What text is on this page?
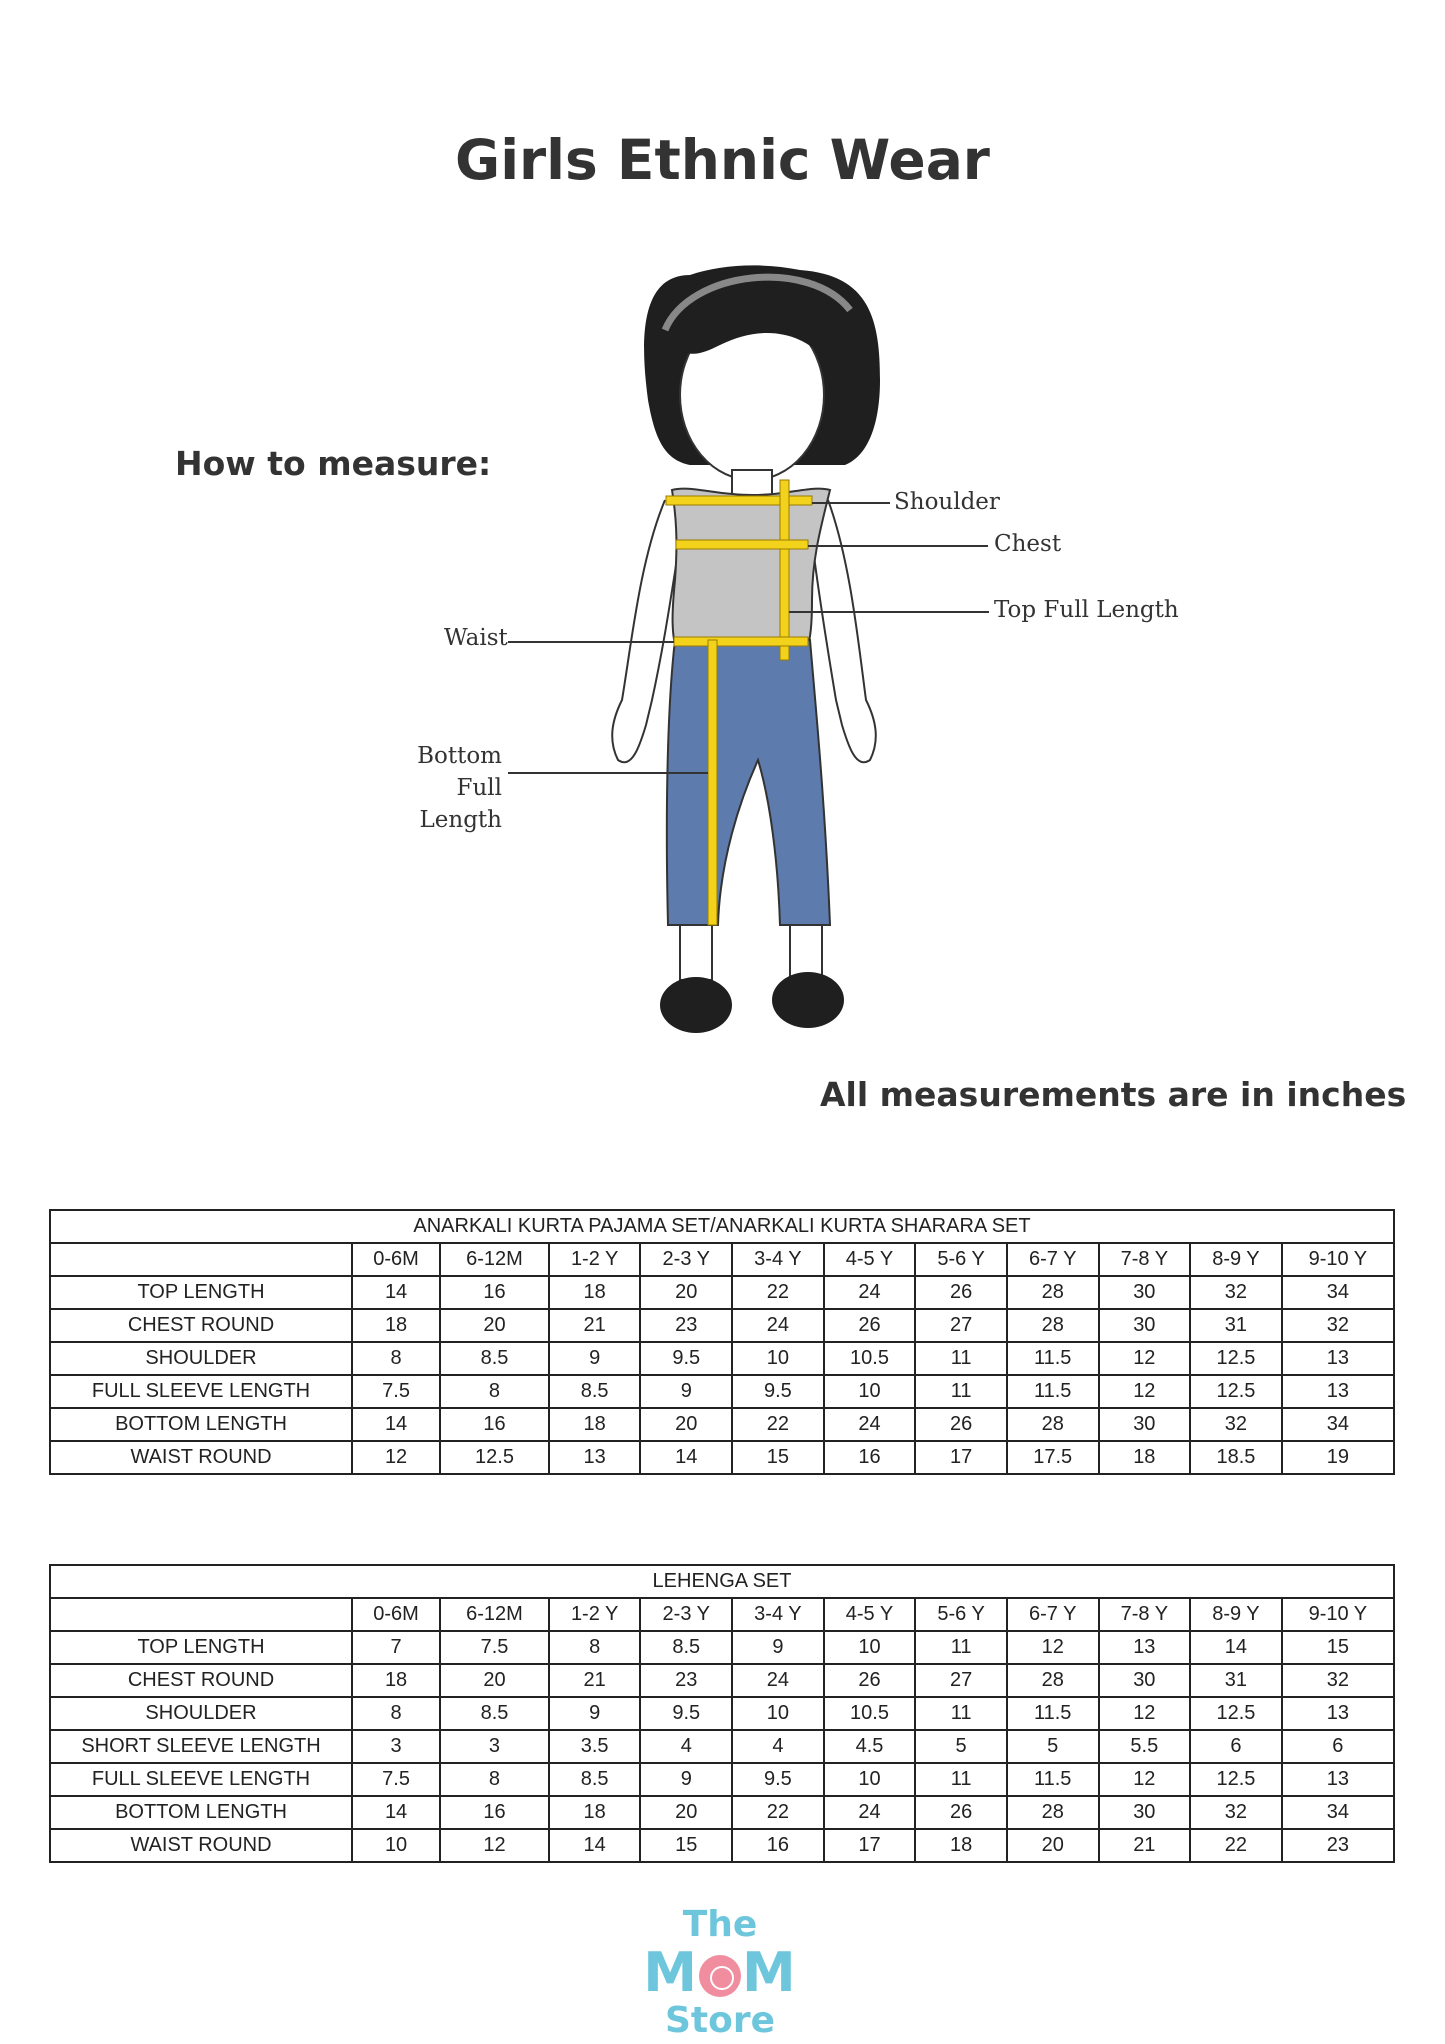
Girls Ethnic Wear
How to measure:
Shoulder
Chest
Top Full Length
Waist
Bottom
Full Length
All measurements are in inches
ANARKALI KURTA PAJAMA SET/ANARKALI KURTA SHARARA SET											
	0-6M	6-12M	1-2 Y	2-3 Y	3-4 Y	4-5 Y	5-6 Y	6-7 Y	7-8 Y	8-9 Y	9-10 Y
TOP LENGTH	14	16	18	20	22	24	26	28	30	32	34
CHEST ROUND	18	20	21	23	24	26	27	28	30	31	32
SHOULDER	8	8.5	9	9.5	10	10.5	11	11.5	12	12.5	13
FULL SLEEVE LENGTH	7.5	8	8.5	9	9.5	10	11	11.5	12	12.5	13
BOTTOM LENGTH	14	16	18	20	22	24	26	28	30	32	34
WAIST ROUND	12	12.5	13	14	15	16	17	17.5	18	18.5	19
LEHENGA SET											
	0-6M	6-12M	1-2 Y	2-3 Y	3-4 Y	4-5 Y	5-6 Y	6-7 Y	7-8 Y	8-9 Y	9-10 Y
TOP LENGTH	7	7.5	8	8.5	9	10	11	12	13	14	15
CHEST ROUND	18	20	21	23	24	26	27	28	30	31	32
SHOULDER	8	8.5	9	9.5	10	10.5	11	11.5	12	12.5	13
SHORT SLEEVE LENGTH	3	3	3.5	4	4	4.5	5	5	5.5	6	6
FULL SLEEVE LENGTH	7.5	8	8.5	9	9.5	10	11	11.5	12	12.5	13
BOTTOM LENGTH	14	16	18	20	22	24	26	28	30	32	34
WAIST ROUND	10	12	14	15	16	17	18	20	21	22	23
The
M M
Store
